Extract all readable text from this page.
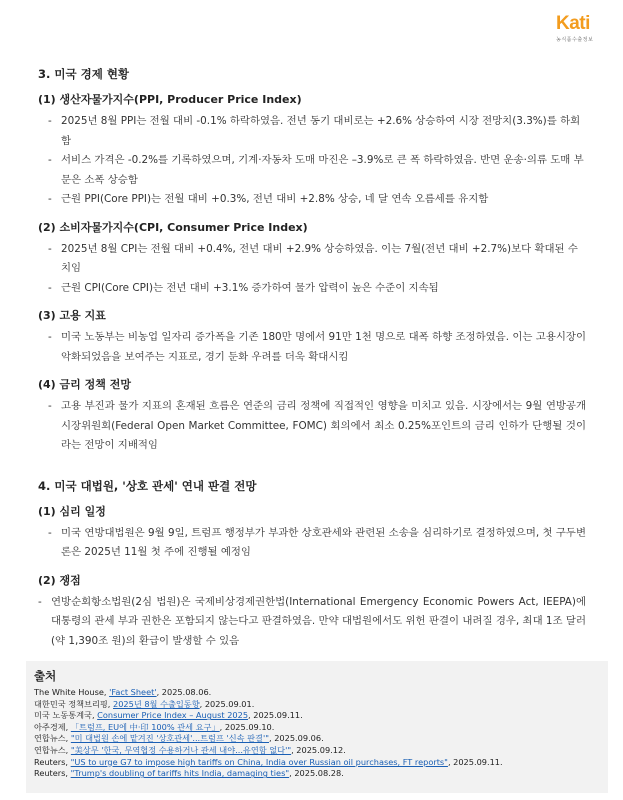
Kati
농식품수출정보
3. 미국 경제 현황
(1) 생산자물가지수(PPI, Producer Price Index)
- 2025년 8월 PPI는 전월 대비 -0.1% 하락하였음. 전년 동기 대비로는 +2.6% 상승하여 시장 전망치(3.3%)를 하회함
- 서비스 가격은 -0.2%를 기록하였으며, 기계·자동차 도매 마진은 –3.9%로 큰 폭 하락하였음. 반면 운송·의류 도매 부문은 소폭 상승함
- 근원 PPI(Core PPI)는 전월 대비 +0.3%, 전년 대비 +2.8% 상승, 네 달 연속 오름세를 유지함
(2) 소비자물가지수(CPI, Consumer Price Index)
- 2025년 8월 CPI는 전월 대비 +0.4%, 전년 대비 +2.9% 상승하였음. 이는 7월(전년 대비 +2.7%)보다 확대된 수치임
- 근원 CPI(Core CPI)는 전년 대비 +3.1% 증가하여 물가 압력이 높은 수준이 지속됨
(3) 고용 지표
- 미국 노동부는 비농업 일자리 증가폭을 기존 180만 명에서 91만 1천 명으로 대폭 하향 조정하였음. 이는 고용시장이 악화되었음을 보여주는 지표로, 경기 둔화 우려를 더욱 확대시킴
(4) 금리 정책 전망
- 고용 부진과 물가 지표의 혼재된 흐름은 연준의 금리 정책에 직접적인 영향을 미치고 있음. 시장에서는 9월 연방공개시장위원회(Federal Open Market Committee, FOMC) 회의에서 최소 0.25%포인트의 금리 인하가 단행될 것이라는 전망이 지배적임
4. 미국 대법원, '상호 관세' 연내 판결 전망
(1) 심리 일정
- 미국 연방대법원은 9월 9일, 트럼프 행정부가 부과한 상호관세와 관련된 소송을 심리하기로 결정하였으며, 첫 구두변론은 2025년 11월 첫 주에 진행될 예정임
(2) 쟁점
- 연방순회항소법원(2심 법원)은 국제비상경제권한법(International Emergency Economic Powers Act, IEEPA)에 대통령의 관세 부과 권한은 포함되지 않는다고 판결하였음. 만약 대법원에서도 위헌 판결이 내려질 경우, 최대 1조 달러(약 1,390조 원)의 환급이 발생할 수 있음
출처
The White House, 'Fact Sheet', 2025.08.06.
대한민국 정책브리핑, 2025년 8월 수출입동향, 2025.09.01.
미국 노동통계국, Consumer Price Index – August 2025, 2025.09.11.
아주경제, 「트럼프, EU에 中·印 100% 관세 요구」, 2025.09.10.
연합뉴스, "미 대법원 손에 맡겨진 '상호관세'...트럼프 '신속 판결'", 2025.09.06.
연합뉴스, "美상무 '한국, 무역협정 수용하거나 관세 내야...유연함 없다'", 2025.09.12.
Reuters, "US to urge G7 to impose high tariffs on China, India over Russian oil purchases, FT reports", 2025.09.11.
Reuters, "Trump's doubling of tariffs hits India, damaging ties", 2025.08.28.
